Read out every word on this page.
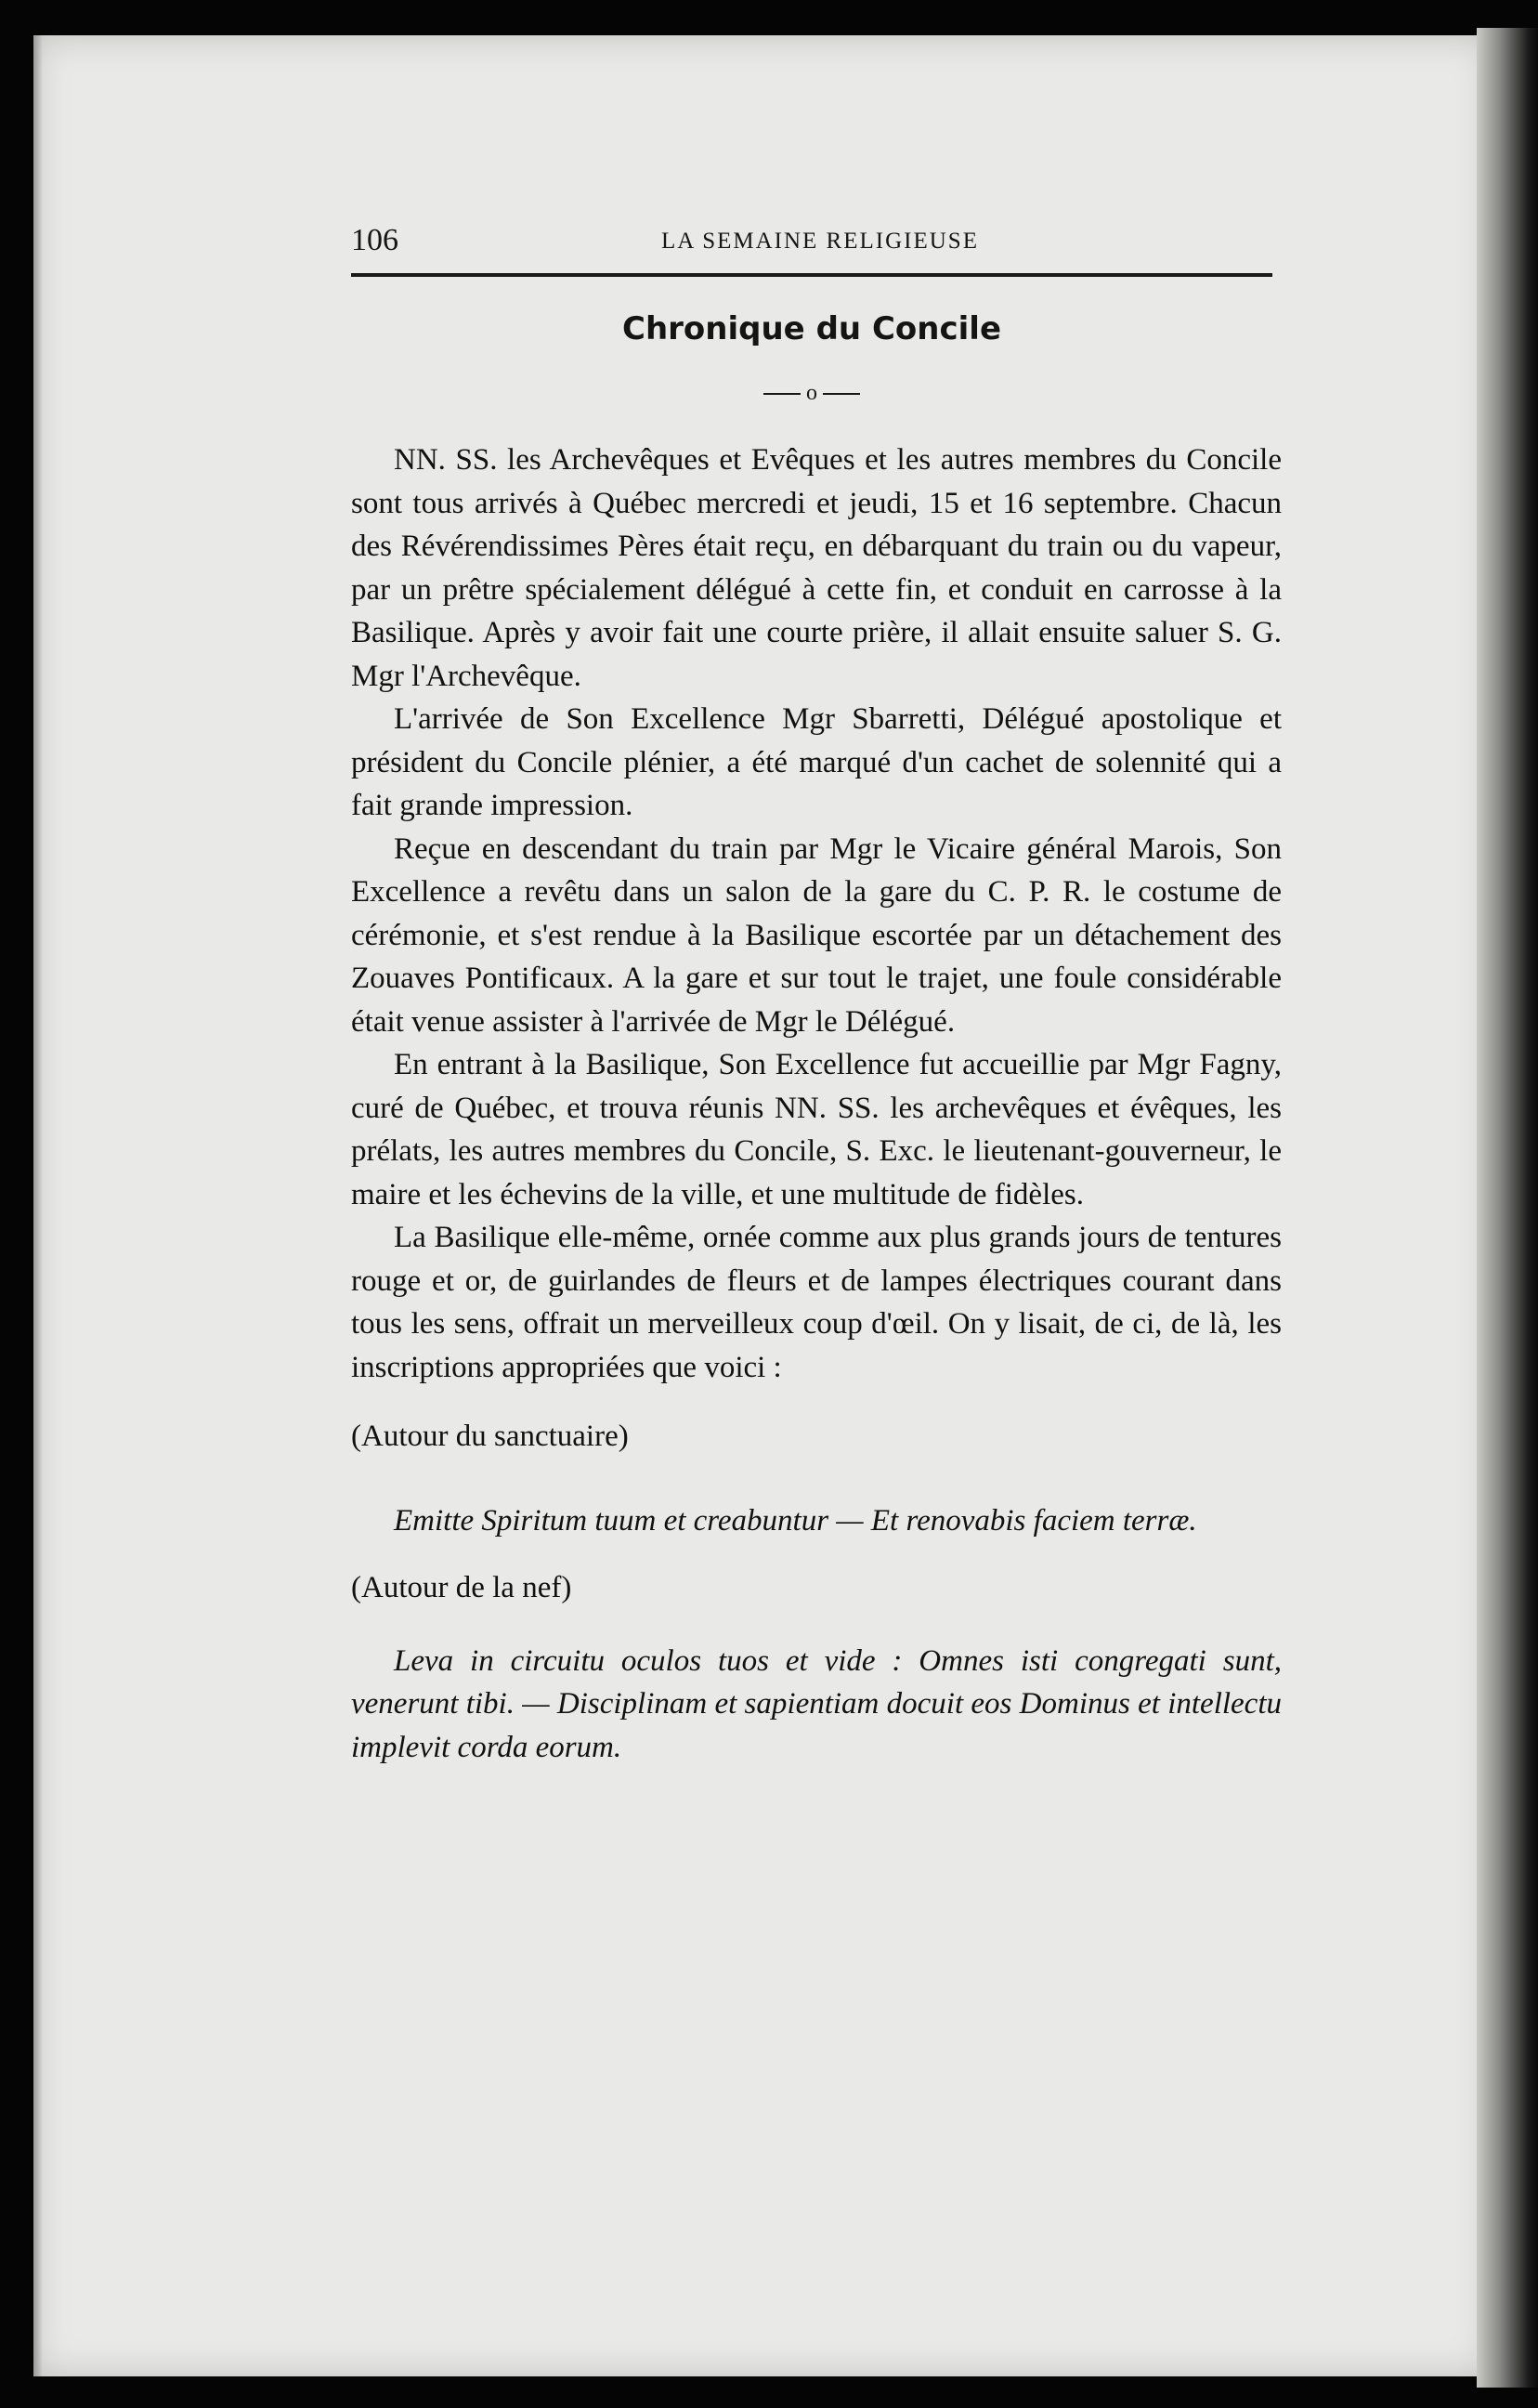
106	LA SEMAINE RELIGIEUSE
Chronique du Concile
o

NN. SS. les Archevêques et Evêques et les autres membres du Concile sont tous arrivés à Québec mercredi et jeudi, 15 et 16 septembre. Chacun des Révérendissimes Pères était reçu, en débarquant du train ou du vapeur, par un prêtre spécialement délégué à cette fin, et conduit en carrosse à la Basilique. Après y avoir fait une courte prière, il allait ensuite saluer S. G. Mgr l'Archevêque.

L'arrivée de Son Excellence Mgr Sbarretti, Délégué apostolique et président du Concile plénier, a été marqué d'un cachet de solennité qui a fait grande impression.

Reçue en descendant du train par Mgr le Vicaire général Marois, Son Excellence a revêtu dans un salon de la gare du C. P. R. le costume de cérémonie, et s'est rendue à la Basilique escortée par un détachement des Zouaves Pontificaux. A la gare et sur tout le trajet, une foule considérable était venue assister à l'arrivée de Mgr le Délégué.

En entrant à la Basilique, Son Excellence fut accueillie par Mgr Fagny, curé de Québec, et trouva réunis NN. SS. les archevêques et évêques, les prélats, les autres membres du Concile, S. Exc. le lieutenant-gouverneur, le maire et les échevins de la ville, et une multitude de fidèles.

La Basilique elle-même, ornée comme aux plus grands jours de tentures rouge et or, de guirlandes de fleurs et de lampes électriques courant dans tous les sens, offrait un merveilleux coup d'œil. On y lisait, de ci, de là, les inscriptions appropriées que voici :

(Autour du sanctuaire)

Emitte Spiritum tuum et creabuntur — Et renovabis faciem terræ.

(Autour de la nef)

Leva in circuitu oculos tuos et vide : Omnes isti congregati sunt, venerunt tibi. — Disciplinam et sapientiam docuit eos Dominus et intellectu implevit corda eorum.
